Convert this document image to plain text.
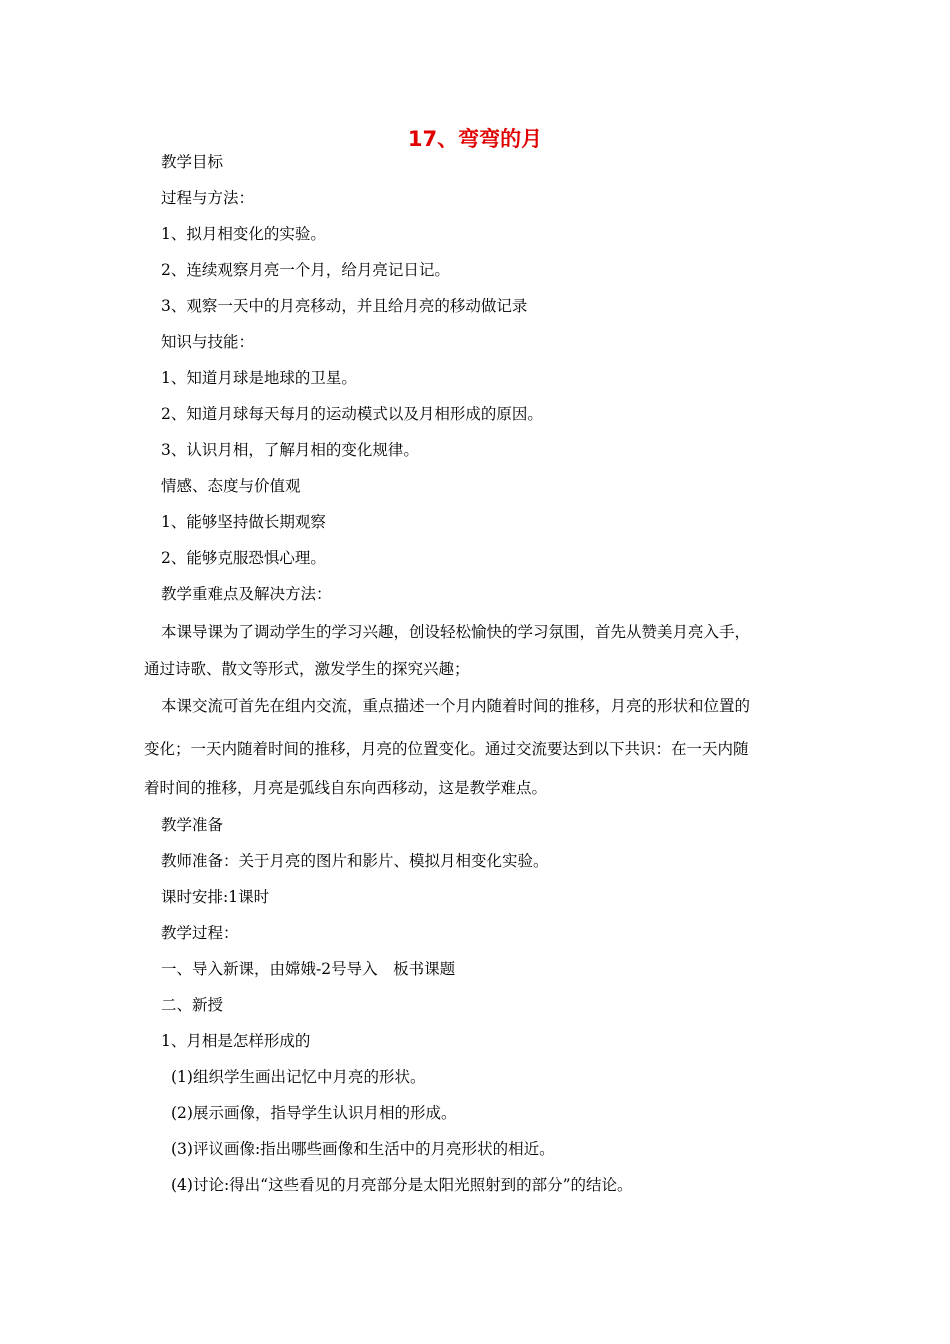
17、弯弯的月
教学目标
过程与方法：
1、拟月相变化的实验。
2、连续观察月亮一个月，给月亮记日记。
3、观察一天中的月亮移动，并且给月亮的移动做记录
知识与技能：
1、知道月球是地球的卫星。
2、知道月球每天每月的运动模式以及月相形成的原因。
3、认识月相，了解月相的变化规律。
情感、态度与价值观
1、能够坚持做长期观察
2、能够克服恐惧心理。
教学重难点及解决方法：
本课导课为了调动学生的学习兴趣，创设轻松愉快的学习氛围，首先从赞美月亮入手，
通过诗歌、散文等形式，激发学生的探究兴趣；
本课交流可首先在组内交流，重点描述一个月内随着时间的推移，月亮的形状和位置的
变化；一天内随着时间的推移，月亮的位置变化。通过交流要达到以下共识：在一天内随
着时间的推移，月亮是弧线自东向西移动，这是教学难点。
教学准备
教师准备：关于月亮的图片和影片、模拟月相变化实验。
课时安排:1课时
教学过程：
一、导入新课，由嫦娥-2号导入　板书课题
二、新授
1、月相是怎样形成的
(1)组织学生画出记忆中月亮的形状。
(2)展示画像，指导学生认识月相的形成。
(3)评议画像:指出哪些画像和生活中的月亮形状的相近。
(4)讨论:得出“这些看见的月亮部分是太阳光照射到的部分”的结论。
